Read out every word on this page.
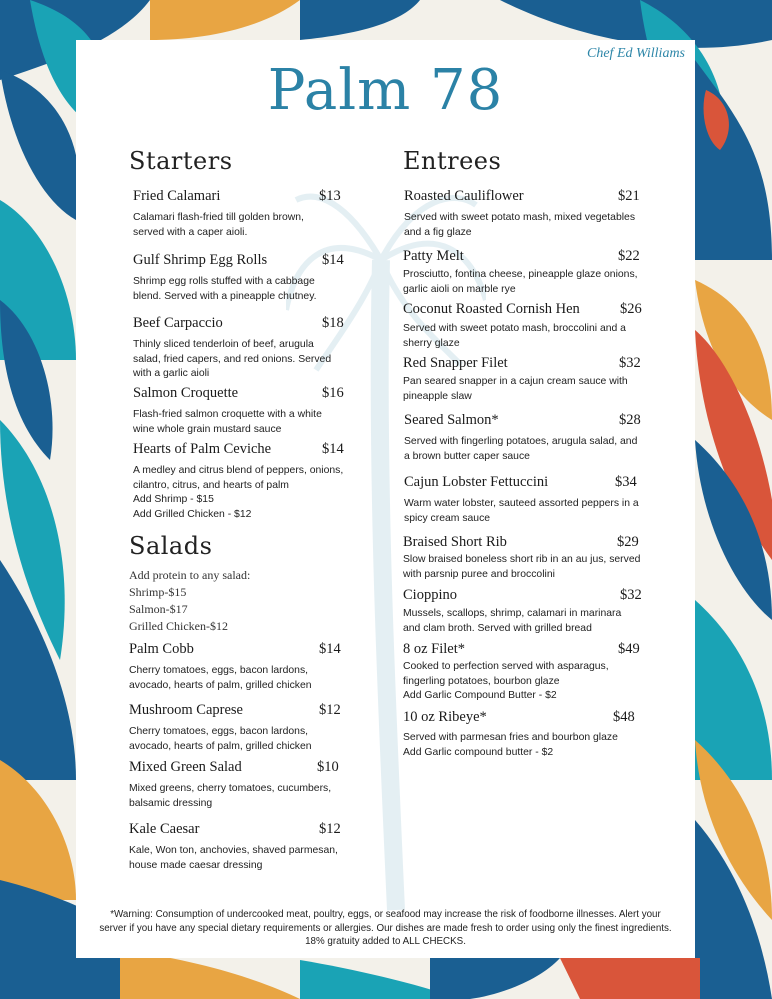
Chef Ed Williams
Palm 78
Starters
Fried Calamari	$13
Calamari flash-fried till golden brown, served with a caper aioli.
Gulf Shrimp Egg Rolls	$14
Shrimp egg rolls stuffed with a cabbage blend. Served with a pineapple chutney.
Beef Carpaccio	$18
Thinly sliced tenderloin of beef, arugula salad, fried capers, and red onions. Served with a garlic aioli
Salmon Croquette	$16
Flash-fried salmon croquette with a white wine whole grain mustard sauce
Hearts of Palm Ceviche	$14
A medley and citrus blend of peppers, onions, cilantro, citrus, and hearts of palm
Add Shrimp - $15
Add Grilled Chicken - $12
Salads
Add protein to any salad:
Shrimp-$15
Salmon-$17
Grilled Chicken-$12
Palm Cobb	$14
Cherry tomatoes, eggs, bacon lardons, avocado, hearts of palm, grilled chicken
Mushroom Caprese	$12
Cherry tomatoes, eggs, bacon lardons, avocado, hearts of palm, grilled chicken
Mixed Green Salad	$10
Mixed greens, cherry tomatoes, cucumbers, balsamic dressing
Kale Caesar	$12
Kale, Won ton, anchovies, shaved parmesan, house made caesar dressing
Entrees
Roasted Cauliflower	$21
Served with sweet potato mash, mixed vegetables and a fig glaze
Patty Melt	$22
Prosciutto, fontina cheese, pineapple glaze onions, garlic aioli on marble rye
Coconut Roasted Cornish Hen	$26
Served with sweet potato mash, broccolini and a sherry glaze
Red Snapper Filet	$32
Pan seared snapper in a cajun cream sauce with pineapple slaw
Seared Salmon*	$28
Served with fingerling potatoes, arugula salad, and a brown butter caper sauce
Cajun Lobster Fettuccini	$34
Warm water lobster, sauteed assorted peppers in a spicy cream sauce
Braised Short Rib	$29
Slow braised boneless short rib in an au jus, served with parsnip puree and broccolini
Cioppino	$32
Mussels, scallops, shrimp, calamari in marinara and clam broth. Served with grilled bread
8 oz Filet*	$49
Cooked to perfection served with asparagus, fingerling potatoes, bourbon glaze
Add Garlic Compound Butter - $2
10 oz Ribeye*	$48
Served with parmesan fries and bourbon glaze
Add Garlic compound butter - $2
*Warning: Consumption of undercooked meat, poultry, eggs, or seafood may increase the risk of foodborne illnesses. Alert your
server if you have any special dietary requirements or allergies. Our dishes are made fresh to order using only the finest ingredients.
18% gratuity added to ALL CHECKS.
